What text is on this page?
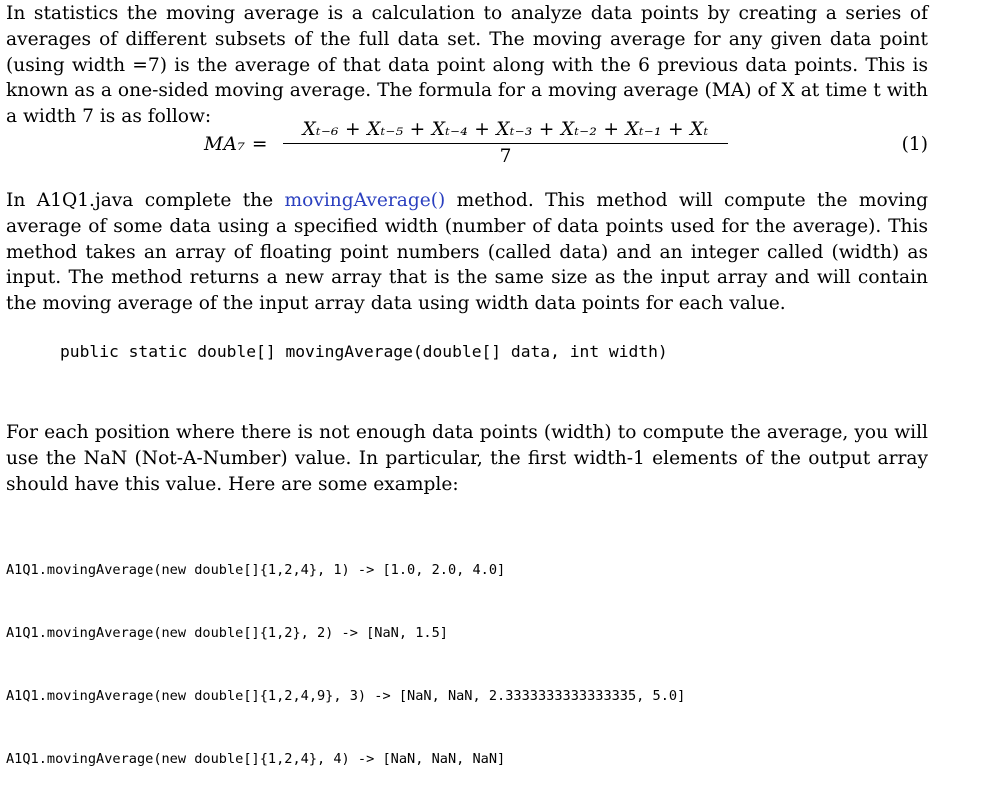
In statistics the moving average is a calculation to analyze data points by creating a series of averages of different subsets of the full data set. The moving average for any given data point (using width =7) is the average of that data point along with the 6 previous data points. This is known as a one-sided moving average. The formula for a moving average (MA) of X at time t with a width 7 is as follow:

MA₇ =
Xₜ₋₆ + Xₜ₋₅ + Xₜ₋₄ + Xₜ₋₃ + Xₜ₋₂ + Xₜ₋₁ + Xₜ
7
(1)

In A1Q1.java complete the movingAverage() method. This method will compute the moving average of some data using a specified width (number of data points used for the average). This method takes an array of floating point numbers (called data) and an integer called (width) as input. The method returns a new array that is the same size as the input array and will contain the moving average of the input array data using width data points for each value.

public static double[] movingAverage(double[] data, int width)

For each position where there is not enough data points (width) to compute the average, you will use the NaN (Not-A-Number) value. In particular, the first width-1 elements of the output array should have this value. Here are some example:

A1Q1.movingAverage(new double[]{1,2,4}, 1) -> [1.0, 2.0, 4.0]

A1Q1.movingAverage(new double[]{1,2}, 2) -> [NaN, 1.5]

A1Q1.movingAverage(new double[]{1,2,4,9}, 3) -> [NaN, NaN, 2.3333333333333335, 5.0]

A1Q1.movingAverage(new double[]{1,2,4}, 4) -> [NaN, NaN, NaN]
